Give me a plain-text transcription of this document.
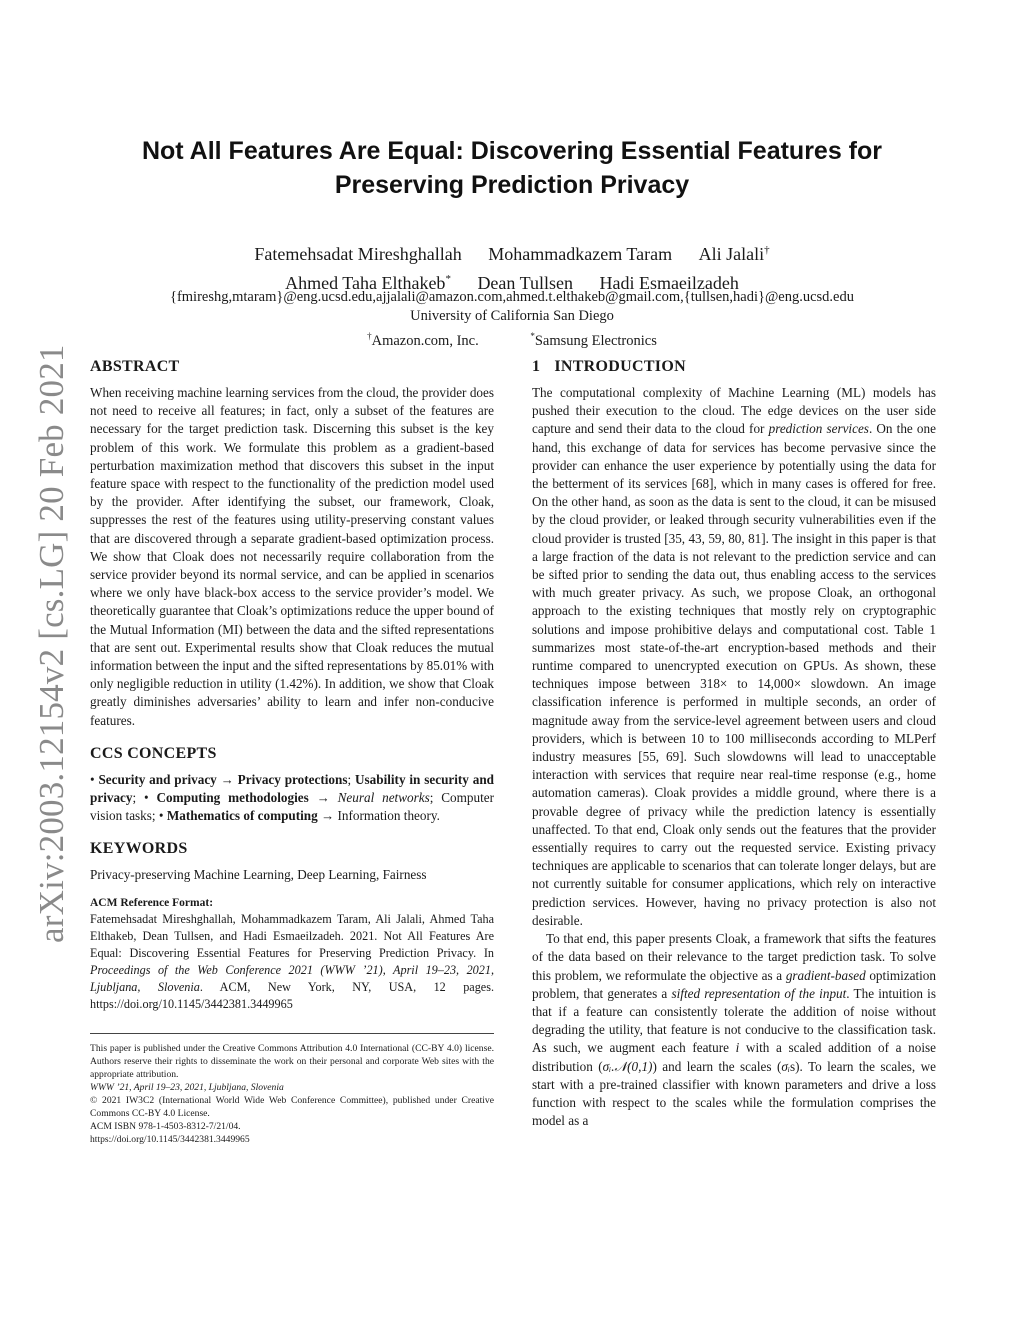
arXiv:2003.12154v2 [cs.LG] 20 Feb 2021
Not All Features Are Equal: Discovering Essential Features for
Preserving Prediction Privacy
Fatemehsadat Mireshghallah Mohammadkazem Taram Ali Jalali†
Ahmed Taha Elthakeb* Dean Tullsen Hadi Esmaeilzadeh
{fmireshg,mtaram}@eng.ucsd.edu,ajjalali@amazon.com,ahmed.t.elthakeb@gmail.com,{tullsen,hadi}@eng.ucsd.edu
University of California San Diego
†Amazon.com, Inc.	*Samsung Electronics
ABSTRACT

When receiving machine learning services from the cloud, the provider does not need to receive all features; in fact, only a subset of the features are necessary for the target prediction task. Discerning this subset is the key problem of this work. We formulate this problem as a gradient-based perturbation maximization method that discovers this subset in the input feature space with respect to the functionality of the prediction model used by the provider. After identifying the subset, our framework, Cloak, suppresses the rest of the features using utility-preserving constant values that are discovered through a separate gradient-based optimization process. We show that Cloak does not necessarily require collaboration from the service provider beyond its normal service, and can be applied in scenarios where we only have black-box access to the service provider’s model. We theoretically guarantee that Cloak’s optimizations reduce the upper bound of the Mutual Information (MI) between the data and the sifted representations that are sent out. Experimental results show that Cloak reduces the mutual information between the input and the sifted representations by 85.01% with only negligible reduction in utility (1.42%). In addition, we show that Cloak greatly diminishes adversaries’ ability to learn and infer non-conducive features.

CCS CONCEPTS

• Security and privacy → Privacy protections; Usability in security and privacy; • Computing methodologies → Neural networks; Computer vision tasks; • Mathematics of computing → Information theory.

KEYWORDS

Privacy-preserving Machine Learning, Deep Learning, Fairness

ACM Reference Format:

Fatemehsadat Mireshghallah, Mohammadkazem Taram, Ali Jalali, Ahmed Taha Elthakeb, Dean Tullsen, and Hadi Esmaeilzadeh. 2021. Not All Features Are Equal: Discovering Essential Features for Preserving Prediction Privacy. In Proceedings of the Web Conference 2021 (WWW ’21), April 19–23, 2021, Ljubljana, Slovenia. ACM, New York, NY, USA, 12 pages. https://doi.org/10.1145/3442381.3449965

This paper is published under the Creative Commons Attribution 4.0 International (CC-BY 4.0) license. Authors reserve their rights to disseminate the work on their personal and corporate Web sites with the appropriate attribution.

WWW ’21, April 19–23, 2021, Ljubljana, Slovenia

© 2021 IW3C2 (International World Wide Web Conference Committee), published under Creative Commons CC-BY 4.0 License.

ACM ISBN 978-1-4503-8312-7/21/04.
https://doi.org/10.1145/3442381.3449965
1 INTRODUCTION

The computational complexity of Machine Learning (ML) models has pushed their execution to the cloud. The edge devices on the user side capture and send their data to the cloud for prediction services. On the one hand, this exchange of data for services has become pervasive since the provider can enhance the user experience by potentially using the data for the betterment of its services [68], which in many cases is offered for free. On the other hand, as soon as the data is sent to the cloud, it can be misused by the cloud provider, or leaked through security vulnerabilities even if the cloud provider is trusted [35, 43, 59, 80, 81]. The insight in this paper is that a large fraction of the data is not relevant to the prediction service and can be sifted prior to sending the data out, thus enabling access to the services with much greater privacy. As such, we propose Cloak, an orthogonal approach to the existing techniques that mostly rely on cryptographic solutions and impose prohibitive delays and computational cost. Table 1 summarizes most state-of-the-art encryption-based methods and their runtime compared to unencrypted execution on GPUs. As shown, these techniques impose between 318× to 14,000× slowdown. An image classification inference is performed in multiple seconds, an order of magnitude away from the service-level agreement between users and cloud providers, which is between 10 to 100 milliseconds according to MLPerf industry measures [55, 69]. Such slowdowns will lead to unacceptable interaction with services that require near real-time response (e.g., home automation cameras). Cloak provides a middle ground, where there is a provable degree of privacy while the prediction latency is essentially unaffected. To that end, Cloak only sends out the features that the provider essentially requires to carry out the requested service. Existing privacy techniques are applicable to scenarios that can tolerate longer delays, but are not currently suitable for consumer applications, which rely on interactive prediction services. However, having no privacy protection is also not desirable.

To that end, this paper presents Cloak, a framework that sifts the features of the data based on their relevance to the target prediction task. To solve this problem, we reformulate the objective as a gradient-based optimization problem, that generates a sifted representation of the input. The intuition is that if a feature can consistently tolerate the addition of noise without degrading the utility, that feature is not conducive to the classification task. As such, we augment each feature i with a scaled addition of a noise distribution (σᵢ.𝒩(0,1)) and learn the scales (σᵢs). To learn the scales, we start with a pre-trained classifier with known parameters and drive a loss function with respect to the scales while the formulation comprises the model as a
